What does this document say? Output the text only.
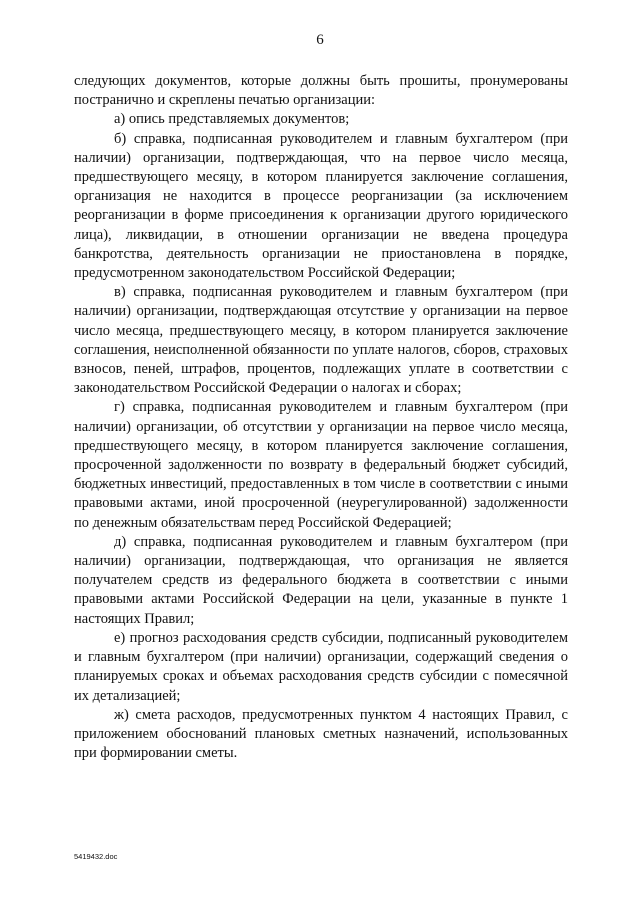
6

следующих документов, которые должны быть прошиты, пронумерованы постранично и скреплены печатью организации:

а) опись представляемых документов;

б) справка, подписанная руководителем и главным бухгалтером (при наличии) организации, подтверждающая, что на первое число месяца, предшествующего месяцу, в котором планируется заключение соглашения, организация не находится в процессе реорганизации (за исключением реорганизации в форме присоединения к организации другого юридического лица), ликвидации, в отношении организации не введена процедура банкротства, деятельность организации не приостановлена в порядке, предусмотренном законодательством Российской Федерации;

в) справка, подписанная руководителем и главным бухгалтером (при наличии) организации, подтверждающая отсутствие у организации на первое число месяца, предшествующего месяцу, в котором планируется заключение соглашения, неисполненной обязанности по уплате налогов, сборов, страховых взносов, пеней, штрафов, процентов, подлежащих уплате в соответствии с законодательством Российской Федерации о налогах и сборах;

г) справка, подписанная руководителем и главным бухгалтером (при наличии) организации, об отсутствии у организации на первое число месяца, предшествующего месяцу, в котором планируется заключение соглашения, просроченной задолженности по возврату в федеральный бюджет субсидий, бюджетных инвестиций, предоставленных в том числе в соответствии с иными правовыми актами, иной просроченной (неурегулированной) задолженности по денежным обязательствам перед Российской Федерацией;

д) справка, подписанная руководителем и главным бухгалтером (при наличии) организации, подтверждающая, что организация не является получателем средств из федерального бюджета в соответствии с иными правовыми актами Российской Федерации на цели, указанные в пункте 1 настоящих Правил;

е) прогноз расходования средств субсидии, подписанный руководителем и главным бухгалтером (при наличии) организации, содержащий сведения о планируемых сроках и объемах расходования средств субсидии с помесячной их детализацией;

ж) смета расходов, предусмотренных пунктом 4 настоящих Правил, с приложением обоснований плановых сметных назначений, использованных при формировании сметы.

5419432.doc
